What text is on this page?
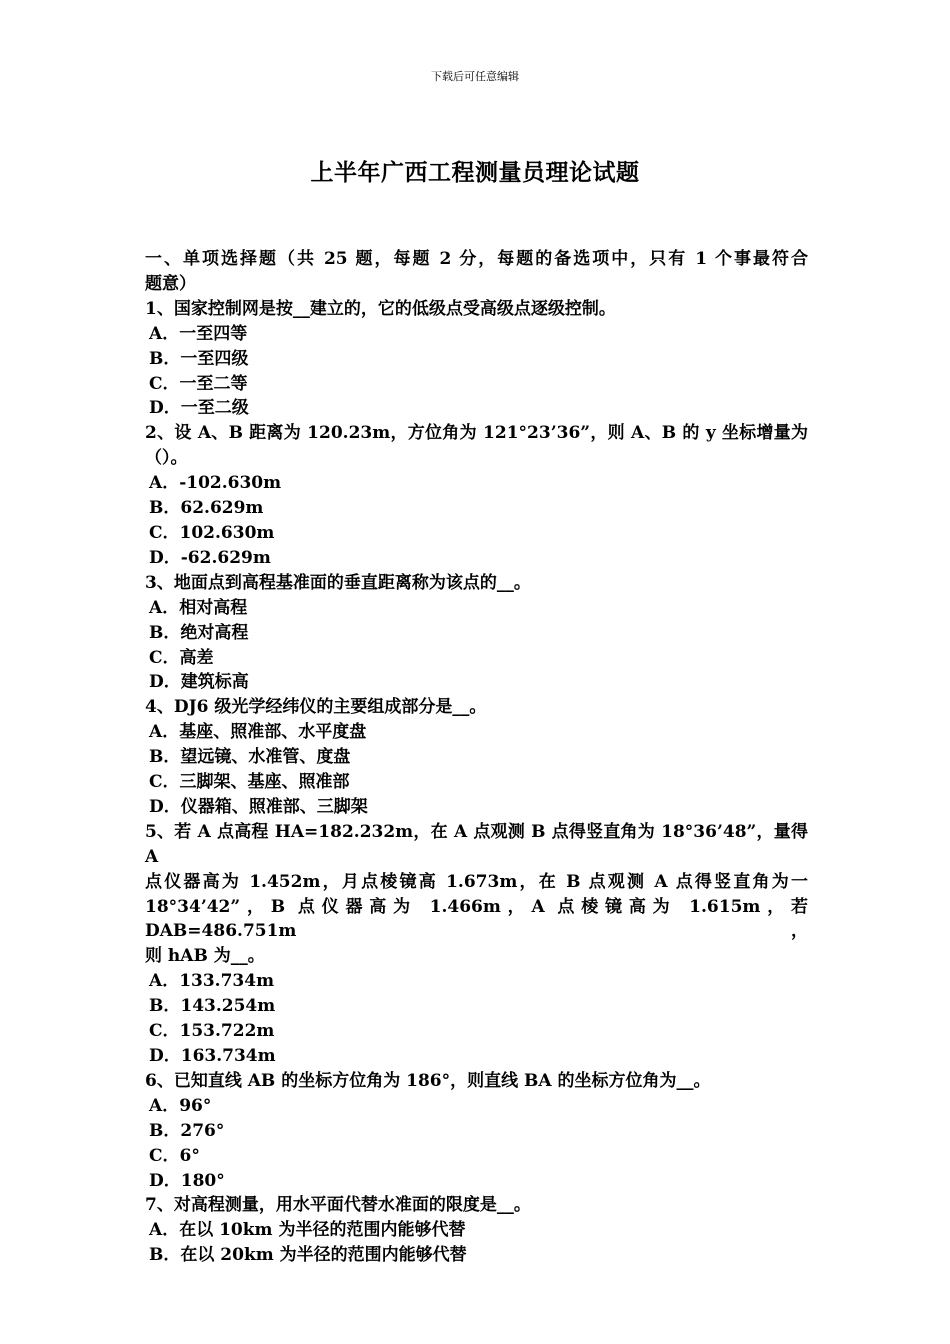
下载后可任意编辑
上半年广西工程测量员理论试题
一、单项选择题（共 25 题，每题 2 分，每题的备选项中，只有 1 个事最符合
题意）
1、国家控制网是按__建立的，它的低级点受高级点逐级控制。
A．一至四等
B．一至四级
C．一至二等
D．一至二级
2、设 A、B 距离为 120.23m，方位角为 121°23’36”，则 A、B 的 y 坐标增量为
（）。
A．-102.630m
B．62.629m
C．102.630m
D．-62.629m
3、地面点到高程基准面的垂直距离称为该点的__。
A．相对高程
B．绝对高程
C．高差
D．建筑标高
4、DJ6 级光学经纬仪的主要组成部分是__。
A．基座、照准部、水平度盘
B．望远镜、水准管、度盘
C．三脚架、基座、照准部
D．仪器箱、照准部、三脚架
5、若 A 点高程 HA=182.232m，在 A 点观测 B 点得竖直角为 18°36’48”，量得 A
点仪器高为 1.452m，月点棱镜高 1.673m，在 B 点观测 A 点得竖直角为一
18°34’42”，B 点仪器高为 1.466m，A 点棱镜高为 1.615m，若 DAB=486.751m，
则 hAB 为__。
A．133.734m
B．143.254m
C．153.722m
D．163.734m
6、已知直线 AB 的坐标方位角为 186°，则直线 BA 的坐标方位角为__。
A．96°
B．276°
C．6°
D．180°
7、对高程测量，用水平面代替水准面的限度是__。
A．在以 10km 为半径的范围内能够代替
B．在以 20km 为半径的范围内能够代替
